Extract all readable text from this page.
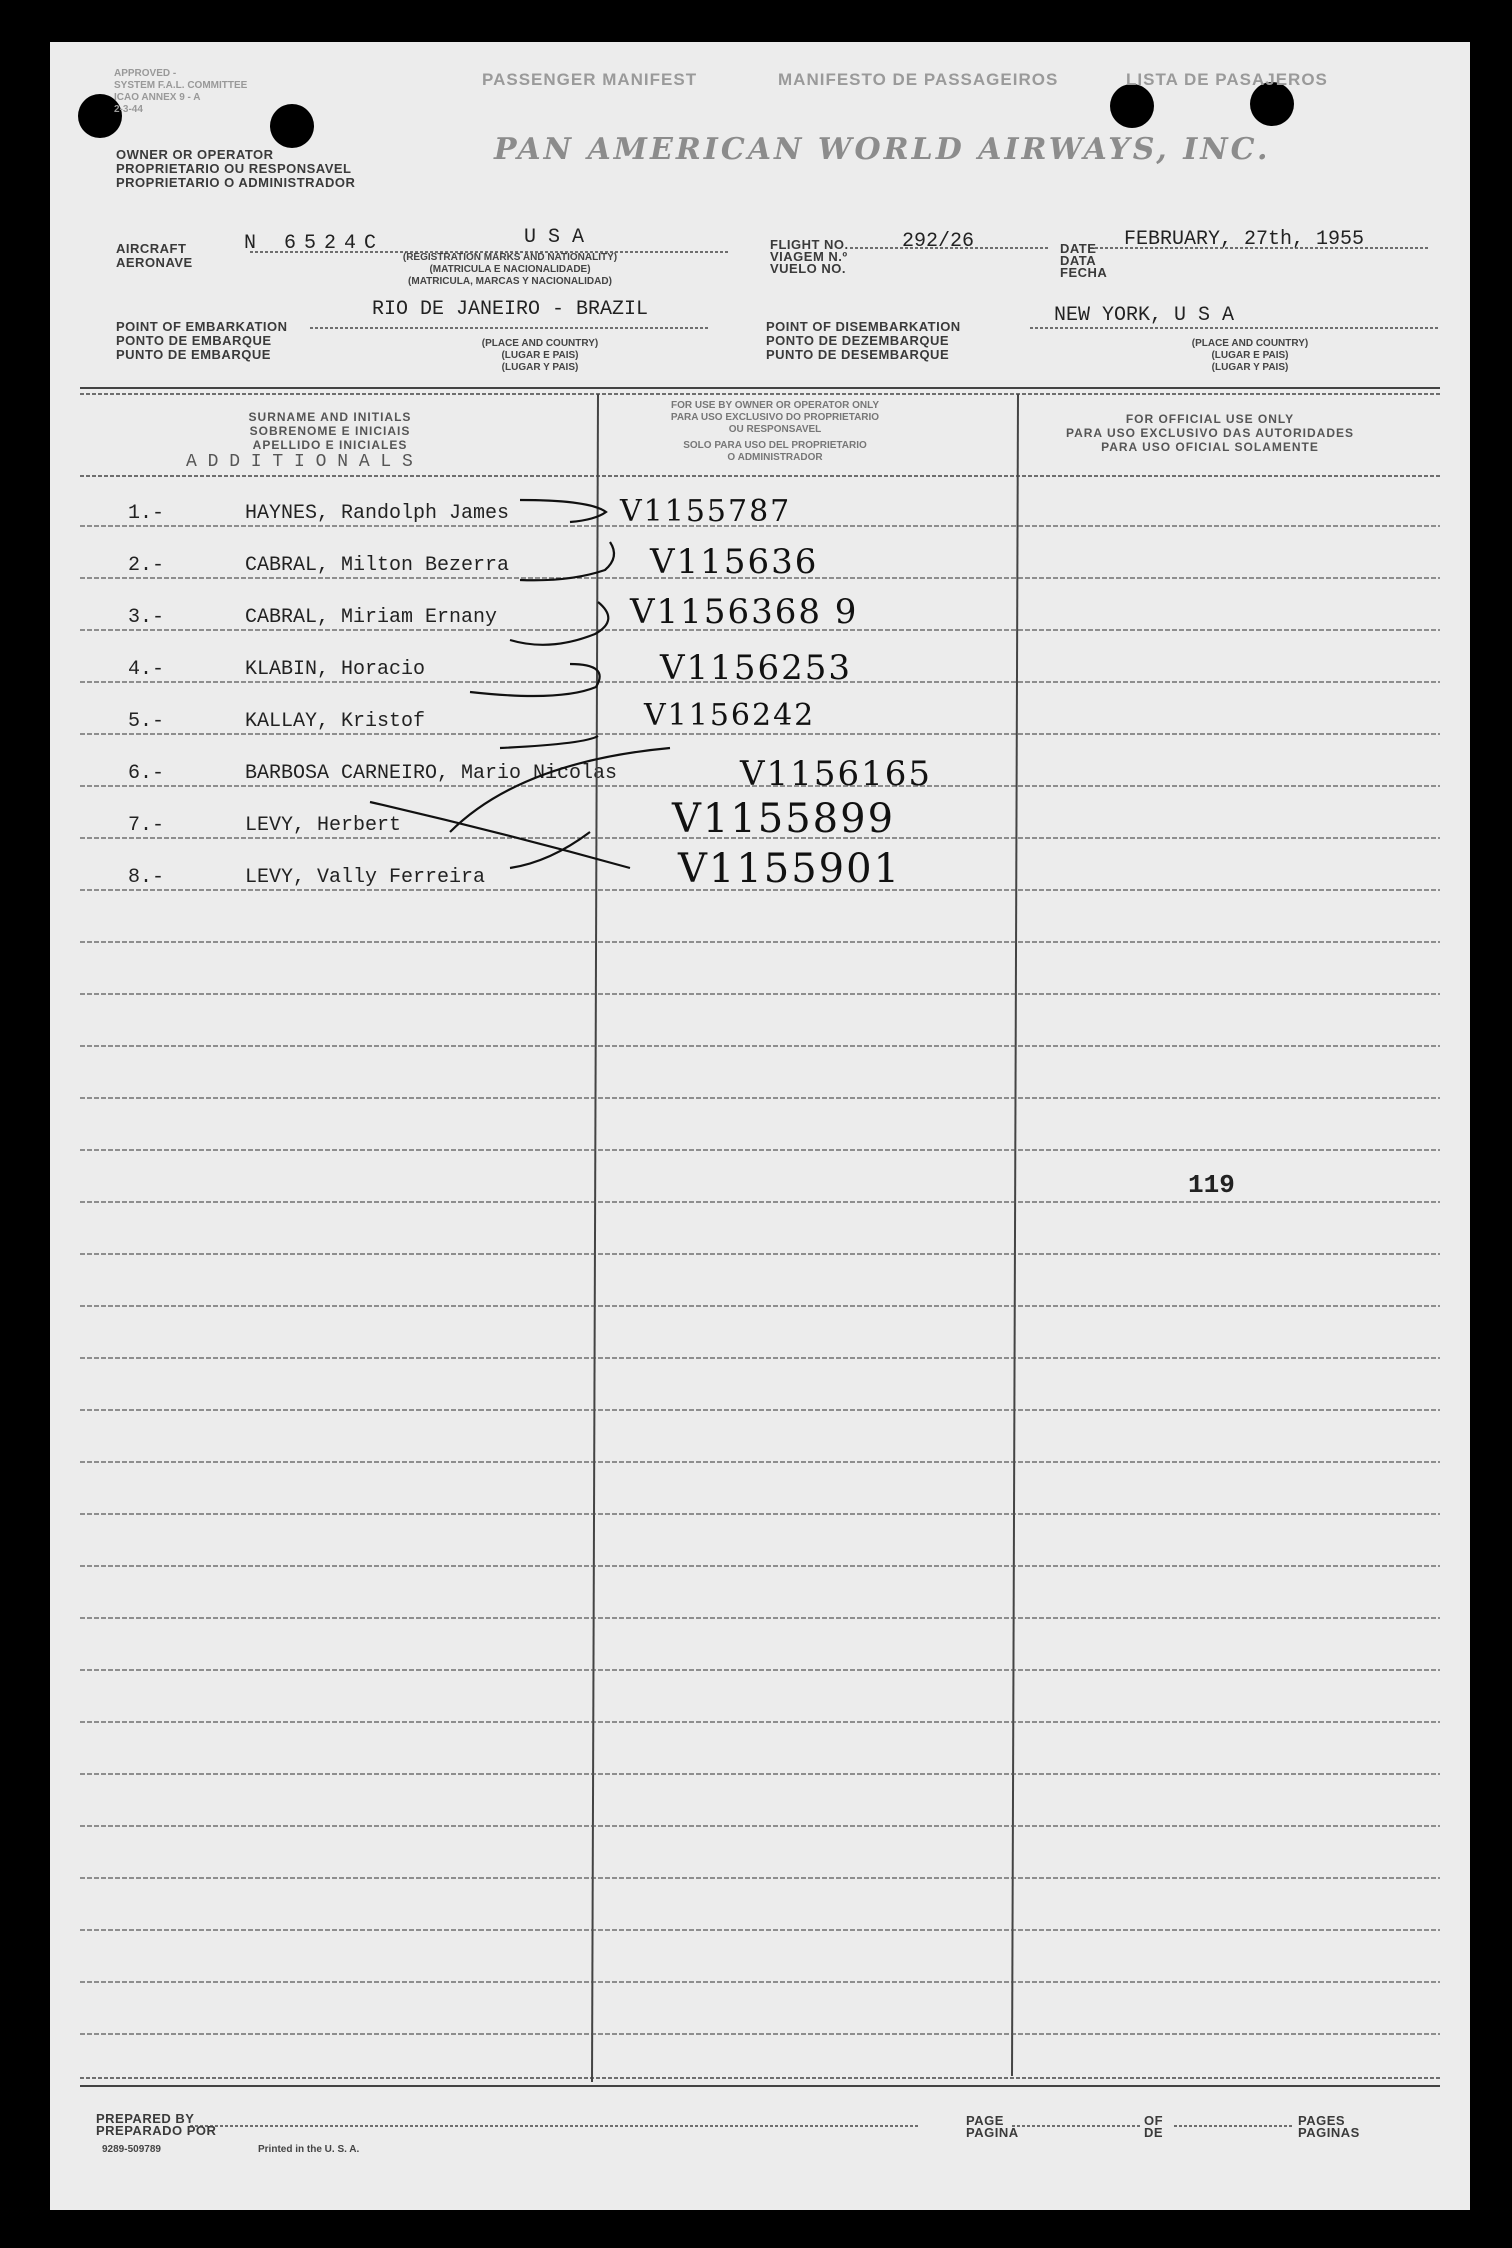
APPROVED -
SYSTEM F.A.L. COMMITTEE
ICAO ANNEX 9 - A
2-3-44
PASSENGER MANIFEST	MANIFESTO DE PASSAGEIROS	LISTA DE PASAJEROS
OWNER OR OPERATOR
PROPRIETARIO OU RESPONSAVEL
PROPRIETARIO O ADMINISTRADOR
PAN AMERICAN WORLD AIRWAYS, INC.
AIRCRAFT
AERONAVE
N 6524C	U S A
(REGISTRATION MARKS AND NATIONALITY)
(MATRICULA E NACIONALIDADE)
(MATRICULA, MARCAS Y NACIONALIDAD)
FLIGHT NO.
VIAGEM N.º
VUELO NO.
292/26	DATE
DATA
FECHA
FEBRUARY, 27th, 1955
POINT OF EMBARKATION
PONTO DE EMBARQUE
PUNTO DE EMBARQUE
RIO DE JANEIRO - BRAZIL
(PLACE AND COUNTRY)
(LUGAR E PAIS)
(LUGAR Y PAIS)
POINT OF DISEMBARKATION
PONTO DE DEZEMBARQUE
PUNTO DE DESEMBARQUE
NEW YORK, U S A
(PLACE AND COUNTRY)
(LUGAR E PAIS)
(LUGAR Y PAIS)
SURNAME AND INITIALS
SOBRENOME E INICIAIS
APELLIDO E INICIALES
A D D I T I O N A L S
FOR USE BY OWNER OR OPERATOR ONLY
PARA USO EXCLUSIVO DO PROPRIETARIO
OU RESPONSAVEL
SOLO PARA USO DEL PROPRIETARIO
O ADMINISTRADOR
FOR OFFICIAL USE ONLY
PARA USO EXCLUSIVO DAS AUTORIDADES
PARA USO OFICIAL SOLAMENTE
1.-	HAYNES, Randolph James	V1155787
2.-	CABRAL, Milton Bezerra	V115636
3.-	CABRAL, Miriam Ernany	V1156368 9
4.-	KLABIN, Horacio	V1156253
5.-	KALLAY, Kristof	V1156242
6.-	BARBOSA CARNEIRO, Mario Nicolas	V1156165
7.-	LEVY, Herbert	V1155899
8.-	LEVY, Vally Ferreira	V1155901
119
PREPARED BY
PREPARADO POR
9289-509789	Printed in the U. S. A.
PAGE
PAGINA
OF
DE
PAGES
PAGINAS
